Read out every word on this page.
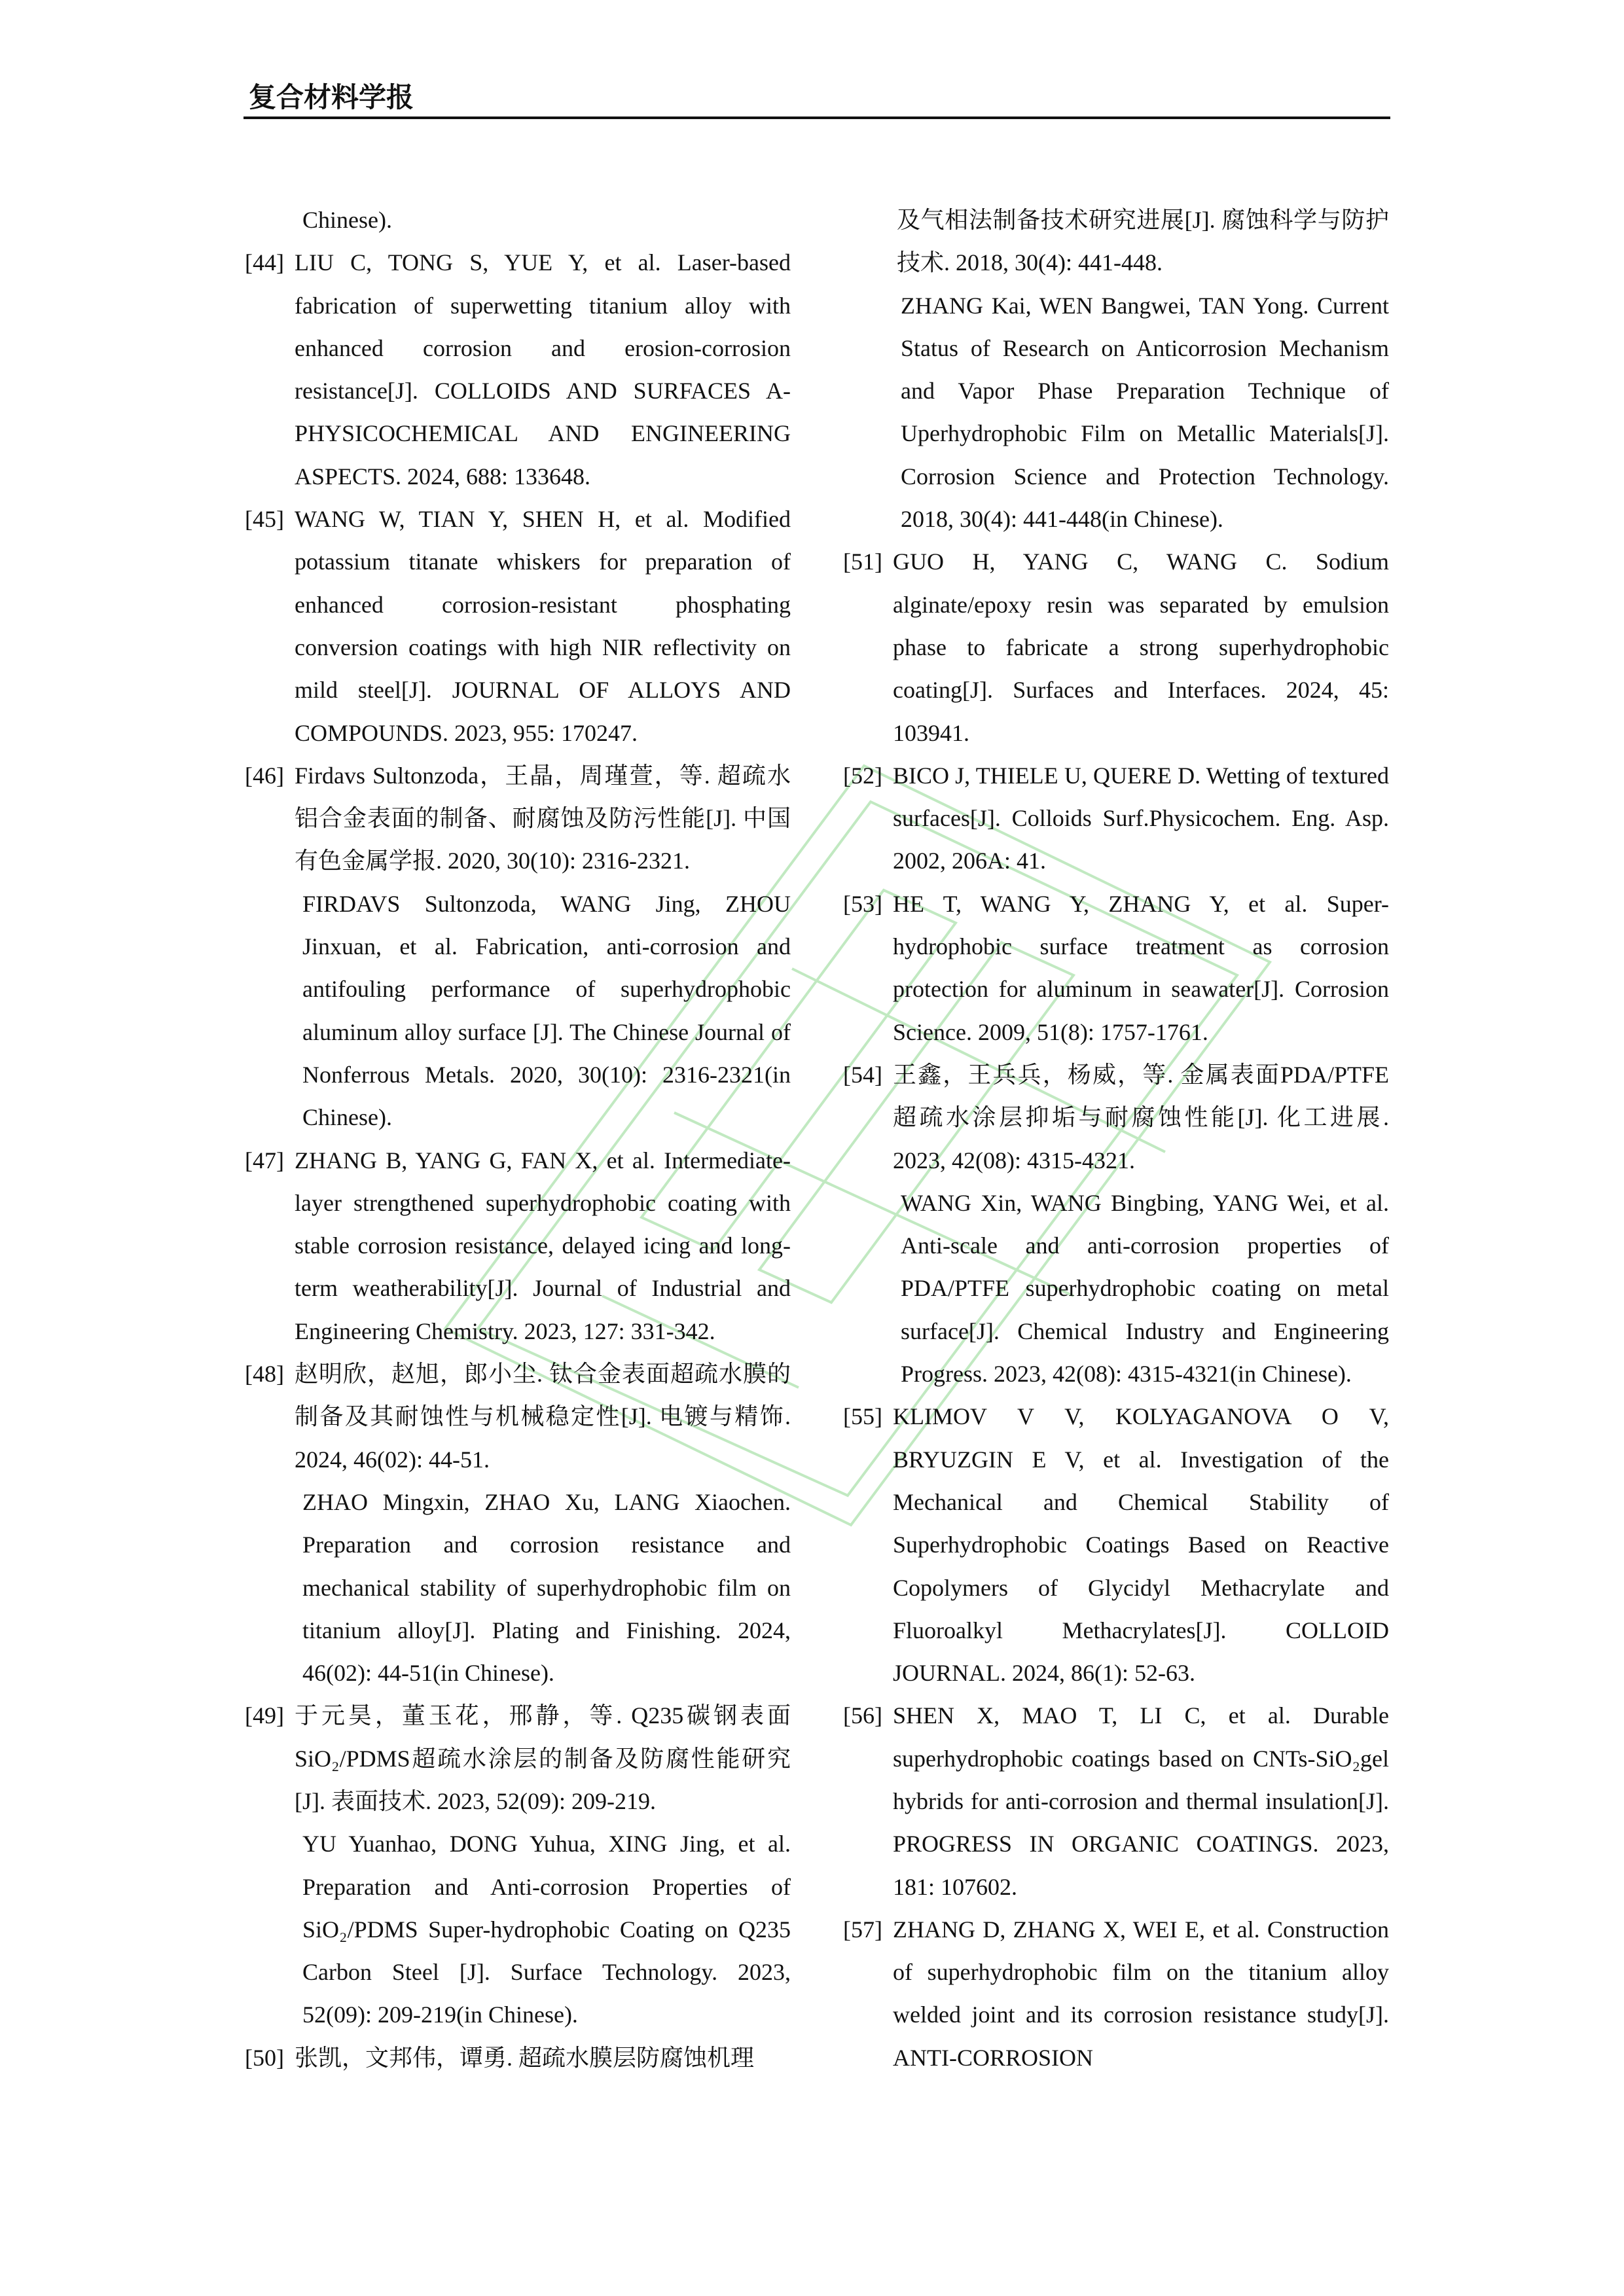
复合材料学报
Chinese).
[44] LIU C, TONG S, YUE Y, et al. Laser-based fabrication of superwetting titanium alloy with enhanced corrosion and erosion-corrosion resistance[J]. COLLOIDS AND SURFACES A-PHYSICOCHEMICAL AND ENGINEERING ASPECTS. 2024, 688: 133648.
[45] WANG W, TIAN Y, SHEN H, et al. Modified potassium titanate whiskers for preparation of enhanced corrosion-resistant phosphating conversion coatings with high NIR reflectivity on mild steel[J]. JOURNAL OF ALLOYS AND COMPOUNDS. 2023, 955: 170247.
[46] Firdavs Sultonzoda，王晶，周瑾萱，等. 超疏水铝合金表面的制备、耐腐蚀及防污性能[J]. 中国有色金属学报. 2020, 30(10): 2316-2321.
FIRDAVS Sultonzoda, WANG Jing, ZHOU Jinxuan, et al. Fabrication, anti-corrosion and antifouling performance of superhydrophobic aluminum alloy surface [J]. The Chinese Journal of Nonferrous Metals. 2020, 30(10): 2316-2321(in Chinese).
[47] ZHANG B, YANG G, FAN X, et al. Intermediate-layer strengthened superhydrophobic coating with stable corrosion resistance, delayed icing and long-term weatherability[J]. Journal of Industrial and Engineering Chemistry. 2023, 127: 331-342.
[48] 赵明欣，赵旭，郎小尘. 钛合金表面超疏水膜的制备及其耐蚀性与机械稳定性[J]. 电镀与精饰. 2024, 46(02): 44-51.
ZHAO Mingxin, ZHAO Xu, LANG Xiaochen. Preparation and corrosion resistance and mechanical stability of superhydrophobic film on titanium alloy[J]. Plating and Finishing. 2024, 46(02): 44-51(in Chinese).
[49] 于元昊，董玉花，邢静，等. Q235碳钢表面SiO₂/PDMS超疏水涂层的制备及防腐性能研究[J]. 表面技术. 2023, 52(09): 209-219.
YU Yuanhao, DONG Yuhua, XING Jing, et al. Preparation and Anti-corrosion Properties of SiO₂/PDMS Super-hydrophobic Coating on Q235 Carbon Steel [J]. Surface Technology. 2023, 52(09): 209-219(in Chinese).
[50] 张凯，文邦伟，谭勇. 超疏水膜层防腐蚀机理
及气相法制备技术研究进展[J]. 腐蚀科学与防护技术. 2018, 30(4): 441-448.
ZHANG Kai, WEN Bangwei, TAN Yong. Current Status of Research on Anticorrosion Mechanism and Vapor Phase Preparation Technique of Uperhydrophobic Film on Metallic Materials[J]. Corrosion Science and Protection Technology. 2018, 30(4): 441-448(in Chinese).
[51] GUO H, YANG C, WANG C. Sodium alginate/epoxy resin was separated by emulsion phase to fabricate a strong superhydrophobic coating[J]. Surfaces and Interfaces. 2024, 45: 103941.
[52] BICO J, THIELE U, QUERE D. Wetting of textured surfaces[J]. Colloids Surf.Physicochem. Eng. Asp. 2002, 206A: 41.
[53] HE T, WANG Y, ZHANG Y, et al. Super-hydrophobic surface treatment as corrosion protection for aluminum in seawater[J]. Corrosion Science. 2009, 51(8): 1757-1761.
[54] 王鑫，王兵兵，杨威，等. 金属表面PDA/PTFE超疏水涂层抑垢与耐腐蚀性能[J]. 化工进展. 2023, 42(08): 4315-4321.
WANG Xin, WANG Bingbing, YANG Wei, et al. Anti-scale and anti-corrosion properties of PDA/PTFE superhydrophobic coating on metal surface[J]. Chemical Industry and Engineering Progress. 2023, 42(08): 4315-4321(in Chinese).
[55] KLIMOV V V, KOLYAGANOVA O V, BRYUZGIN E V, et al. Investigation of the Mechanical and Chemical Stability of Superhydrophobic Coatings Based on Reactive Copolymers of Glycidyl Methacrylate and Fluoroalkyl Methacrylates[J]. COLLOID JOURNAL. 2024, 86(1): 52-63.
[56] SHEN X, MAO T, LI C, et al. Durable superhydrophobic coatings based on CNTs-SiO₂gel hybrids for anti-corrosion and thermal insulation[J]. PROGRESS IN ORGANIC COATINGS. 2023, 181: 107602.
[57] ZHANG D, ZHANG X, WEI E, et al. Construction of superhydrophobic film on the titanium alloy welded joint and its corrosion resistance study[J]. ANTI-CORROSION
